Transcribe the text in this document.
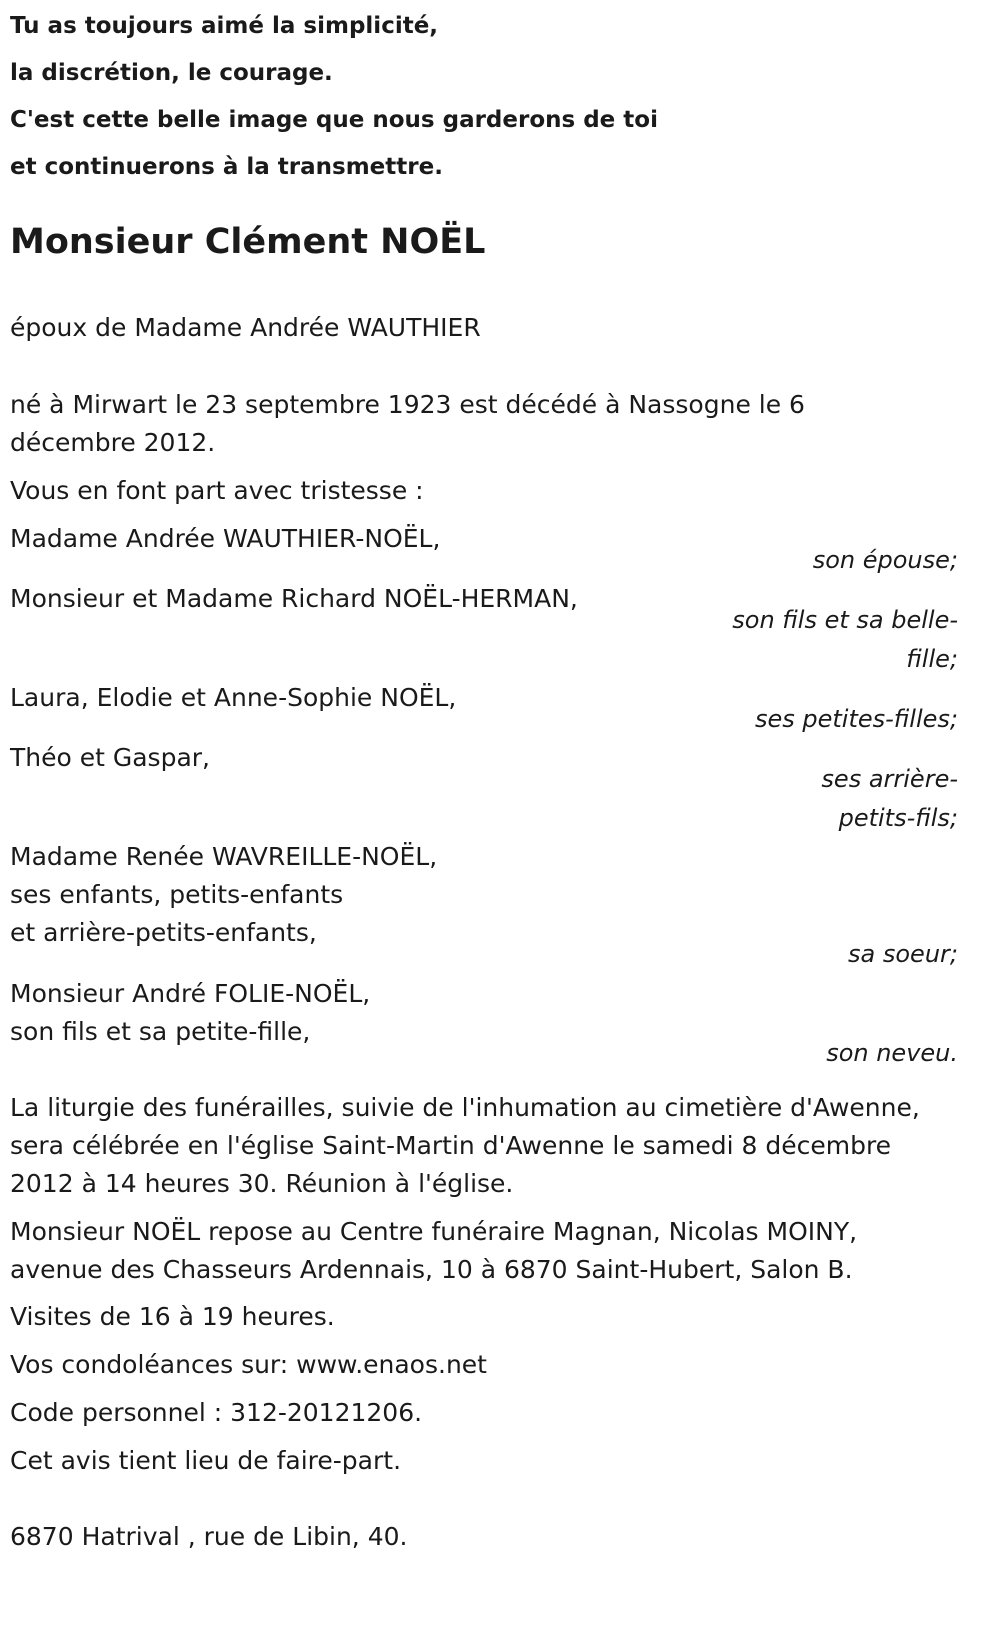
Tu as toujours aimé la simplicité,
la discrétion, le courage.
C'est cette belle image que nous garderons de toi
et continuerons à la transmettre.
Monsieur Clément NOËL
époux de Madame Andrée WAUTHIER
né à Mirwart le 23 septembre 1923 est décédé à Nassogne le 6
décembre 2012.
Vous en font part avec tristesse :
Madame Andrée WAUTHIER-NOËL,
son épouse;
Monsieur et Madame Richard NOËL-HERMAN,
son fils et sa belle-
fille;
Laura, Elodie et Anne-Sophie NOËL,
ses petites-filles;
Théo et Gaspar,
ses arrière-
petits-fils;
Madame Renée WAVREILLE-NOËL,
ses enfants, petits-enfants
et arrière-petits-enfants,
sa soeur;
Monsieur André FOLIE-NOËL,
son fils et sa petite-fille,
son neveu.
La liturgie des funérailles, suivie de l'inhumation au cimetière d'Awenne,
sera célébrée en l'église Saint-Martin d'Awenne le samedi 8 décembre
2012 à 14 heures 30. Réunion à l'église.
Monsieur NOËL repose au Centre funéraire Magnan, Nicolas MOINY,
avenue des Chasseurs Ardennais, 10 à 6870 Saint-Hubert, Salon B.
Visites de 16 à 19 heures.
Vos condoléances sur: www.enaos.net
Code personnel : 312-20121206.
Cet avis tient lieu de faire-part.
6870 Hatrival , rue de Libin, 40.
